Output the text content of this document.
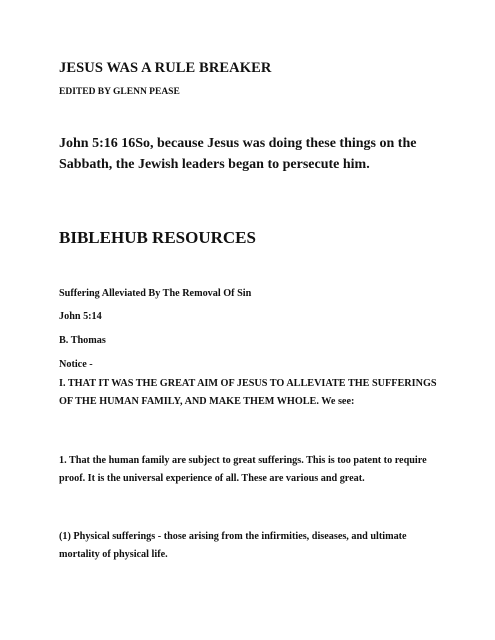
JESUS WAS A RULE BREAKER
EDITED BY GLENN PEASE
John 5:16 16So, because Jesus was doing these things on the Sabbath, the Jewish leaders began to persecute him.
BIBLEHUB RESOURCES
Suffering Alleviated By The Removal Of Sin
John 5:14
B. Thomas
Notice -
I. THAT IT WAS THE GREAT AIM OF JESUS TO ALLEVIATE THE SUFFERINGS OF THE HUMAN FAMILY, AND MAKE THEM WHOLE. We see:
1. That the human family are subject to great sufferings. This is too patent to require proof. It is the universal experience of all. These are various and great.
(1) Physical sufferings - those arising from the infirmities, diseases, and ultimate mortality of physical life.
